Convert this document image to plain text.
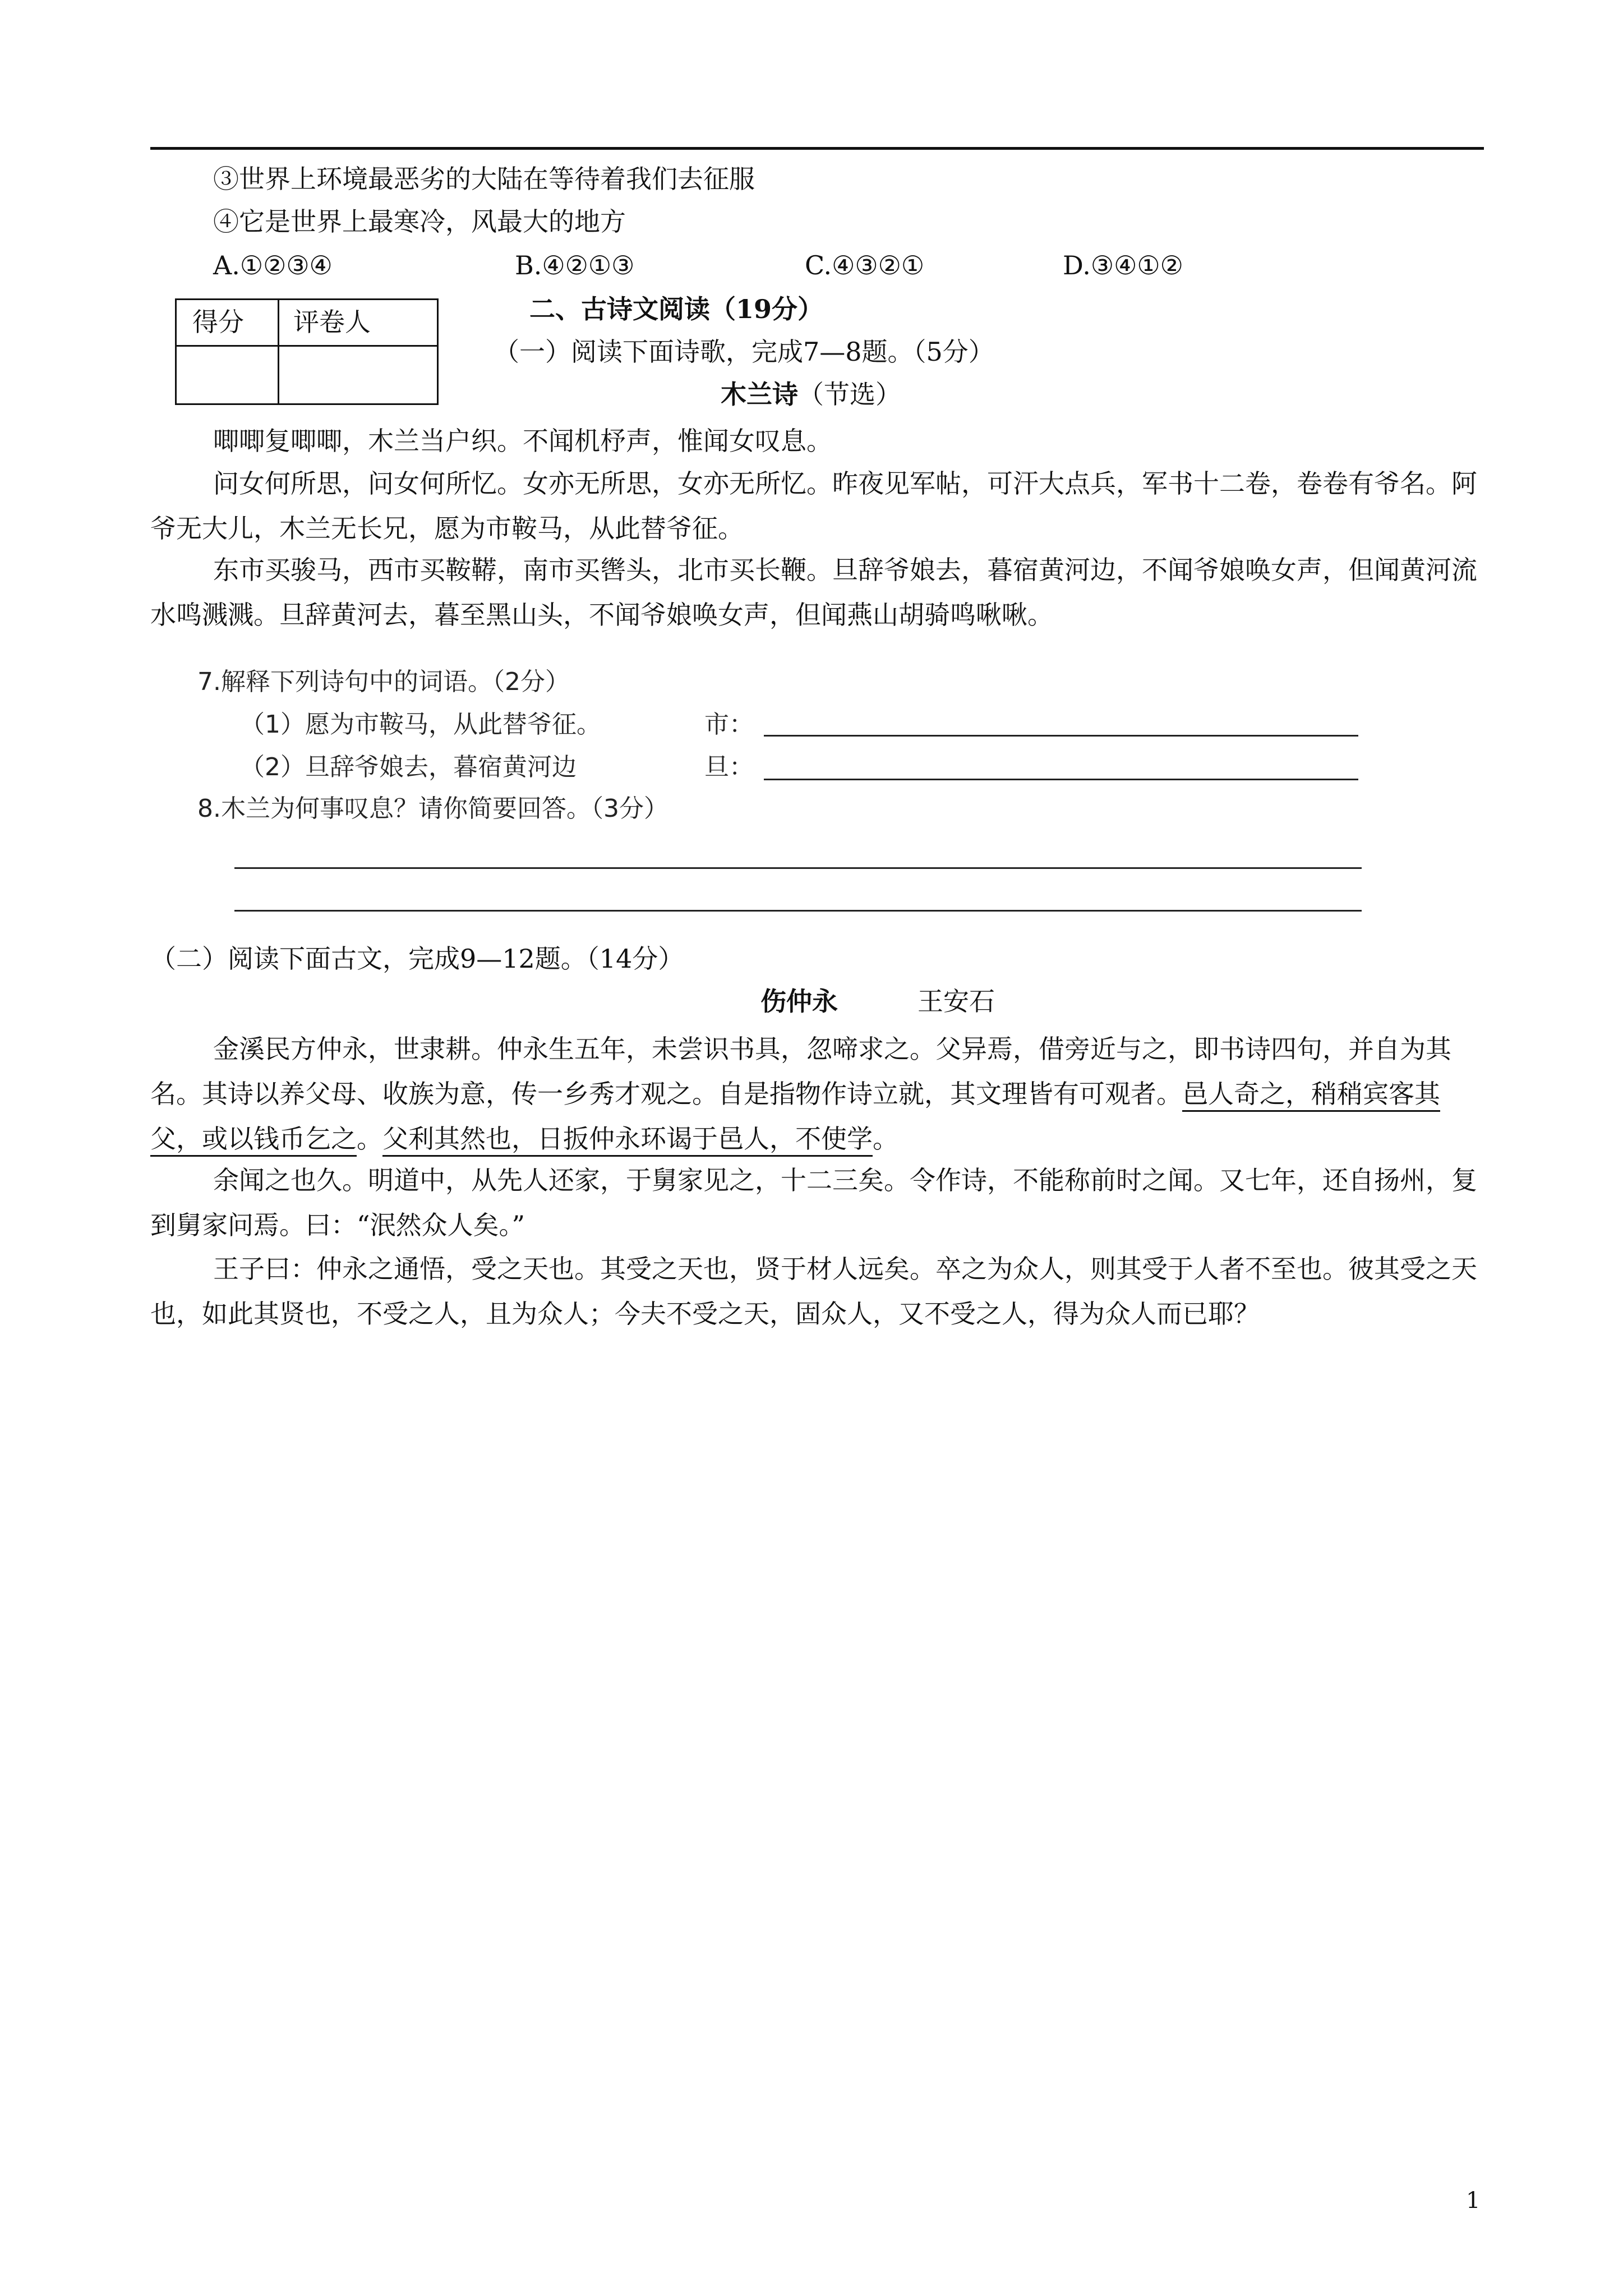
③世界上环境最恶劣的大陆在等待着我们去征服
④它是世界上最寒冷，风最大的地方
A.①②③④	B.④②①③	C.④③②①	D.③④①②
得分 评卷人	二、古诗文阅读（19分）
（一）阅读下面诗歌，完成7—8题。（5分）
木兰诗（节选）
唧唧复唧唧，木兰当户织。不闻机杼声，惟闻女叹息。
问女何所思，问女何所忆。女亦无所思，女亦无所忆。昨夜见军帖，可汗大点兵，军书十二卷，卷卷有爷名。阿爷无大儿，木兰无长兄，愿为市鞍马，从此替爷征。
东市买骏马，西市买鞍鞯，南市买辔头，北市买长鞭。旦辞爷娘去，暮宿黄河边，不闻爷娘唤女声，但闻黄河流水鸣溅溅。旦辞黄河去，暮至黑山头，不闻爷娘唤女声，但闻燕山胡骑鸣啾啾。
7.解释下列诗句中的词语。（2分）
（1）愿为市鞍马，从此替爷征。	市：
（2）旦辞爷娘去，暮宿黄河边	旦：
8.木兰为何事叹息？请你简要回答。（3分）
（二）阅读下面古文，完成9—12题。（14分）
伤仲永	王安石
金溪民方仲永，世隶耕。仲永生五年，未尝识书具，忽啼求之。父异焉，借旁近与之，即书诗四句，并自为其名。其诗以养父母、收族为意，传一乡秀才观之。自是指物作诗立就，其文理皆有可观者。邑人奇之，稍稍宾客其父，或以钱币乞之。父利其然也，日扳仲永环谒于邑人，不使学。
余闻之也久。明道中，从先人还家，于舅家见之，十二三矣。令作诗，不能称前时之闻。又七年，还自扬州，复到舅家问焉。曰：“泯然众人矣。”
王子曰：仲永之通悟，受之天也。其受之天也，贤于材人远矣。卒之为众人，则其受于人者不至也。彼其受之天也，如此其贤也，不受之人，且为众人；今夫不受之天，固众人，又不受之人，得为众人而已耶？
1
